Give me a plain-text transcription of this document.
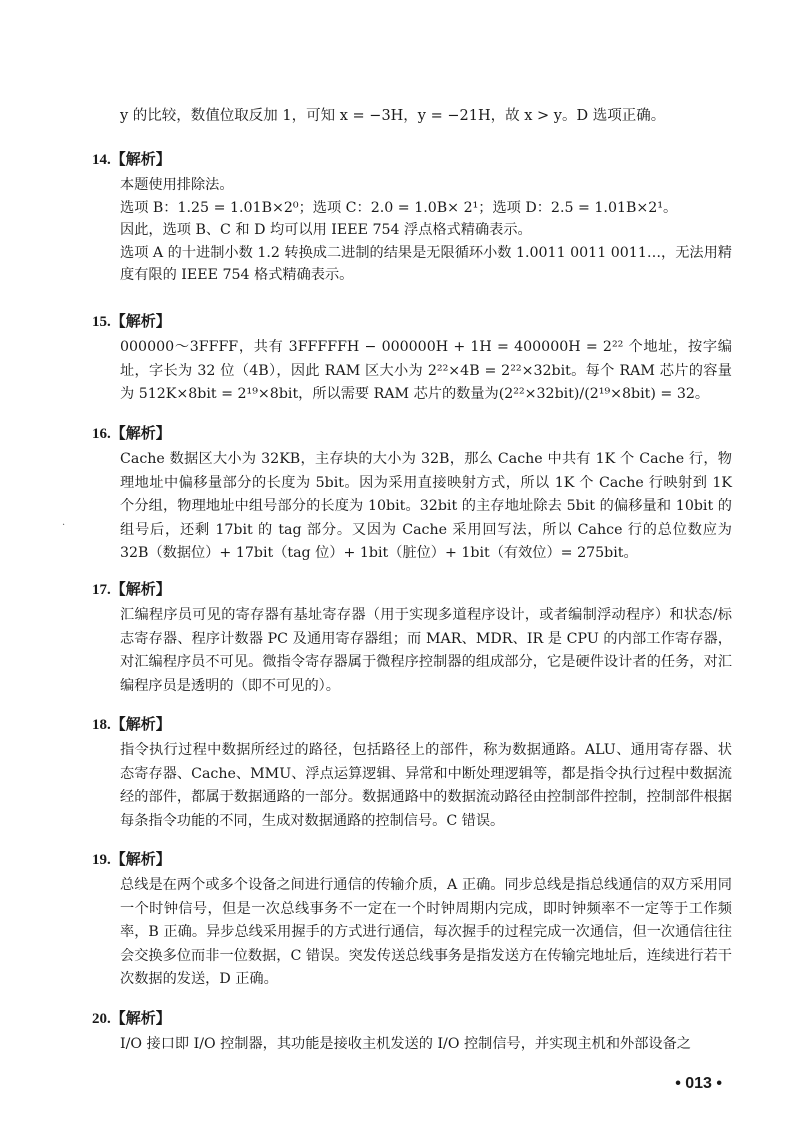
y 的比较，数值位取反加 1，可知 x = −3H，y = −21H，故 x > y。D 选项正确。

14.【解析】

本题使用排除法。

选项 B：1.25 = 1.01B×2⁰；选项 C：2.0 = 1.0B× 2¹；选项 D：2.5 = 1.01B×2¹。

因此，选项 B、C 和 D 均可以用 IEEE 754 浮点格式精确表示。

选项 A 的十进制小数 1.2 转换成二进制的结果是无限循环小数 1.0011 0011 0011…，无法用精度有限的 IEEE 754 格式精确表示。

15.【解析】

000000～3FFFF，共有 3FFFFFH − 000000H + 1H = 400000H = 2²² 个地址，按字编址，字长为 32 位（4B），因此 RAM 区大小为 2²²×4B = 2²²×32bit。每个 RAM 芯片的容量为 512K×8bit = 2¹⁹×8bit，所以需要 RAM 芯片的数量为(2²²×32bit)/(2¹⁹×8bit) = 32。

16.【解析】

Cache 数据区大小为 32KB，主存块的大小为 32B，那么 Cache 中共有 1K 个 Cache 行，物理地址中偏移量部分的长度为 5bit。因为采用直接映射方式，所以 1K 个 Cache 行映射到 1K 个分组，物理地址中组号部分的长度为 10bit。32bit 的主存地址除去 5bit 的偏移量和 10bit 的组号后，还剩 17bit 的 tag 部分。又因为 Cache 采用回写法，所以 Cahce 行的总位数应为 32B（数据位）+ 17bit（tag 位）+ 1bit（脏位）+ 1bit（有效位）= 275bit。

17.【解析】

汇编程序员可见的寄存器有基址寄存器（用于实现多道程序设计，或者编制浮动程序）和状态/标志寄存器、程序计数器 PC 及通用寄存器组；而 MAR、MDR、IR 是 CPU 的内部工作寄存器，对汇编程序员不可见。微指令寄存器属于微程序控制器的组成部分，它是硬件设计者的任务，对汇编程序员是透明的（即不可见的）。

18.【解析】

指令执行过程中数据所经过的路径，包括路径上的部件，称为数据通路。ALU、通用寄存器、状态寄存器、Cache、MMU、浮点运算逻辑、异常和中断处理逻辑等，都是指令执行过程中数据流经的部件，都属于数据通路的一部分。数据通路中的数据流动路径由控制部件控制，控制部件根据每条指令功能的不同，生成对数据通路的控制信号。C 错误。

19.【解析】

总线是在两个或多个设备之间进行通信的传输介质，A 正确。同步总线是指总线通信的双方采用同一个时钟信号，但是一次总线事务不一定在一个时钟周期内完成，即时钟频率不一定等于工作频率，B 正确。异步总线采用握手的方式进行通信，每次握手的过程完成一次通信，但一次通信往往会交换多位而非一位数据，C 错误。突发传送总线事务是指发送方在传输完地址后，连续进行若干次数据的发送，D 正确。

20.【解析】

I/O 接口即 I/O 控制器，其功能是接收主机发送的 I/O 控制信号，并实现主机和外部设备之

·
• 013 •
